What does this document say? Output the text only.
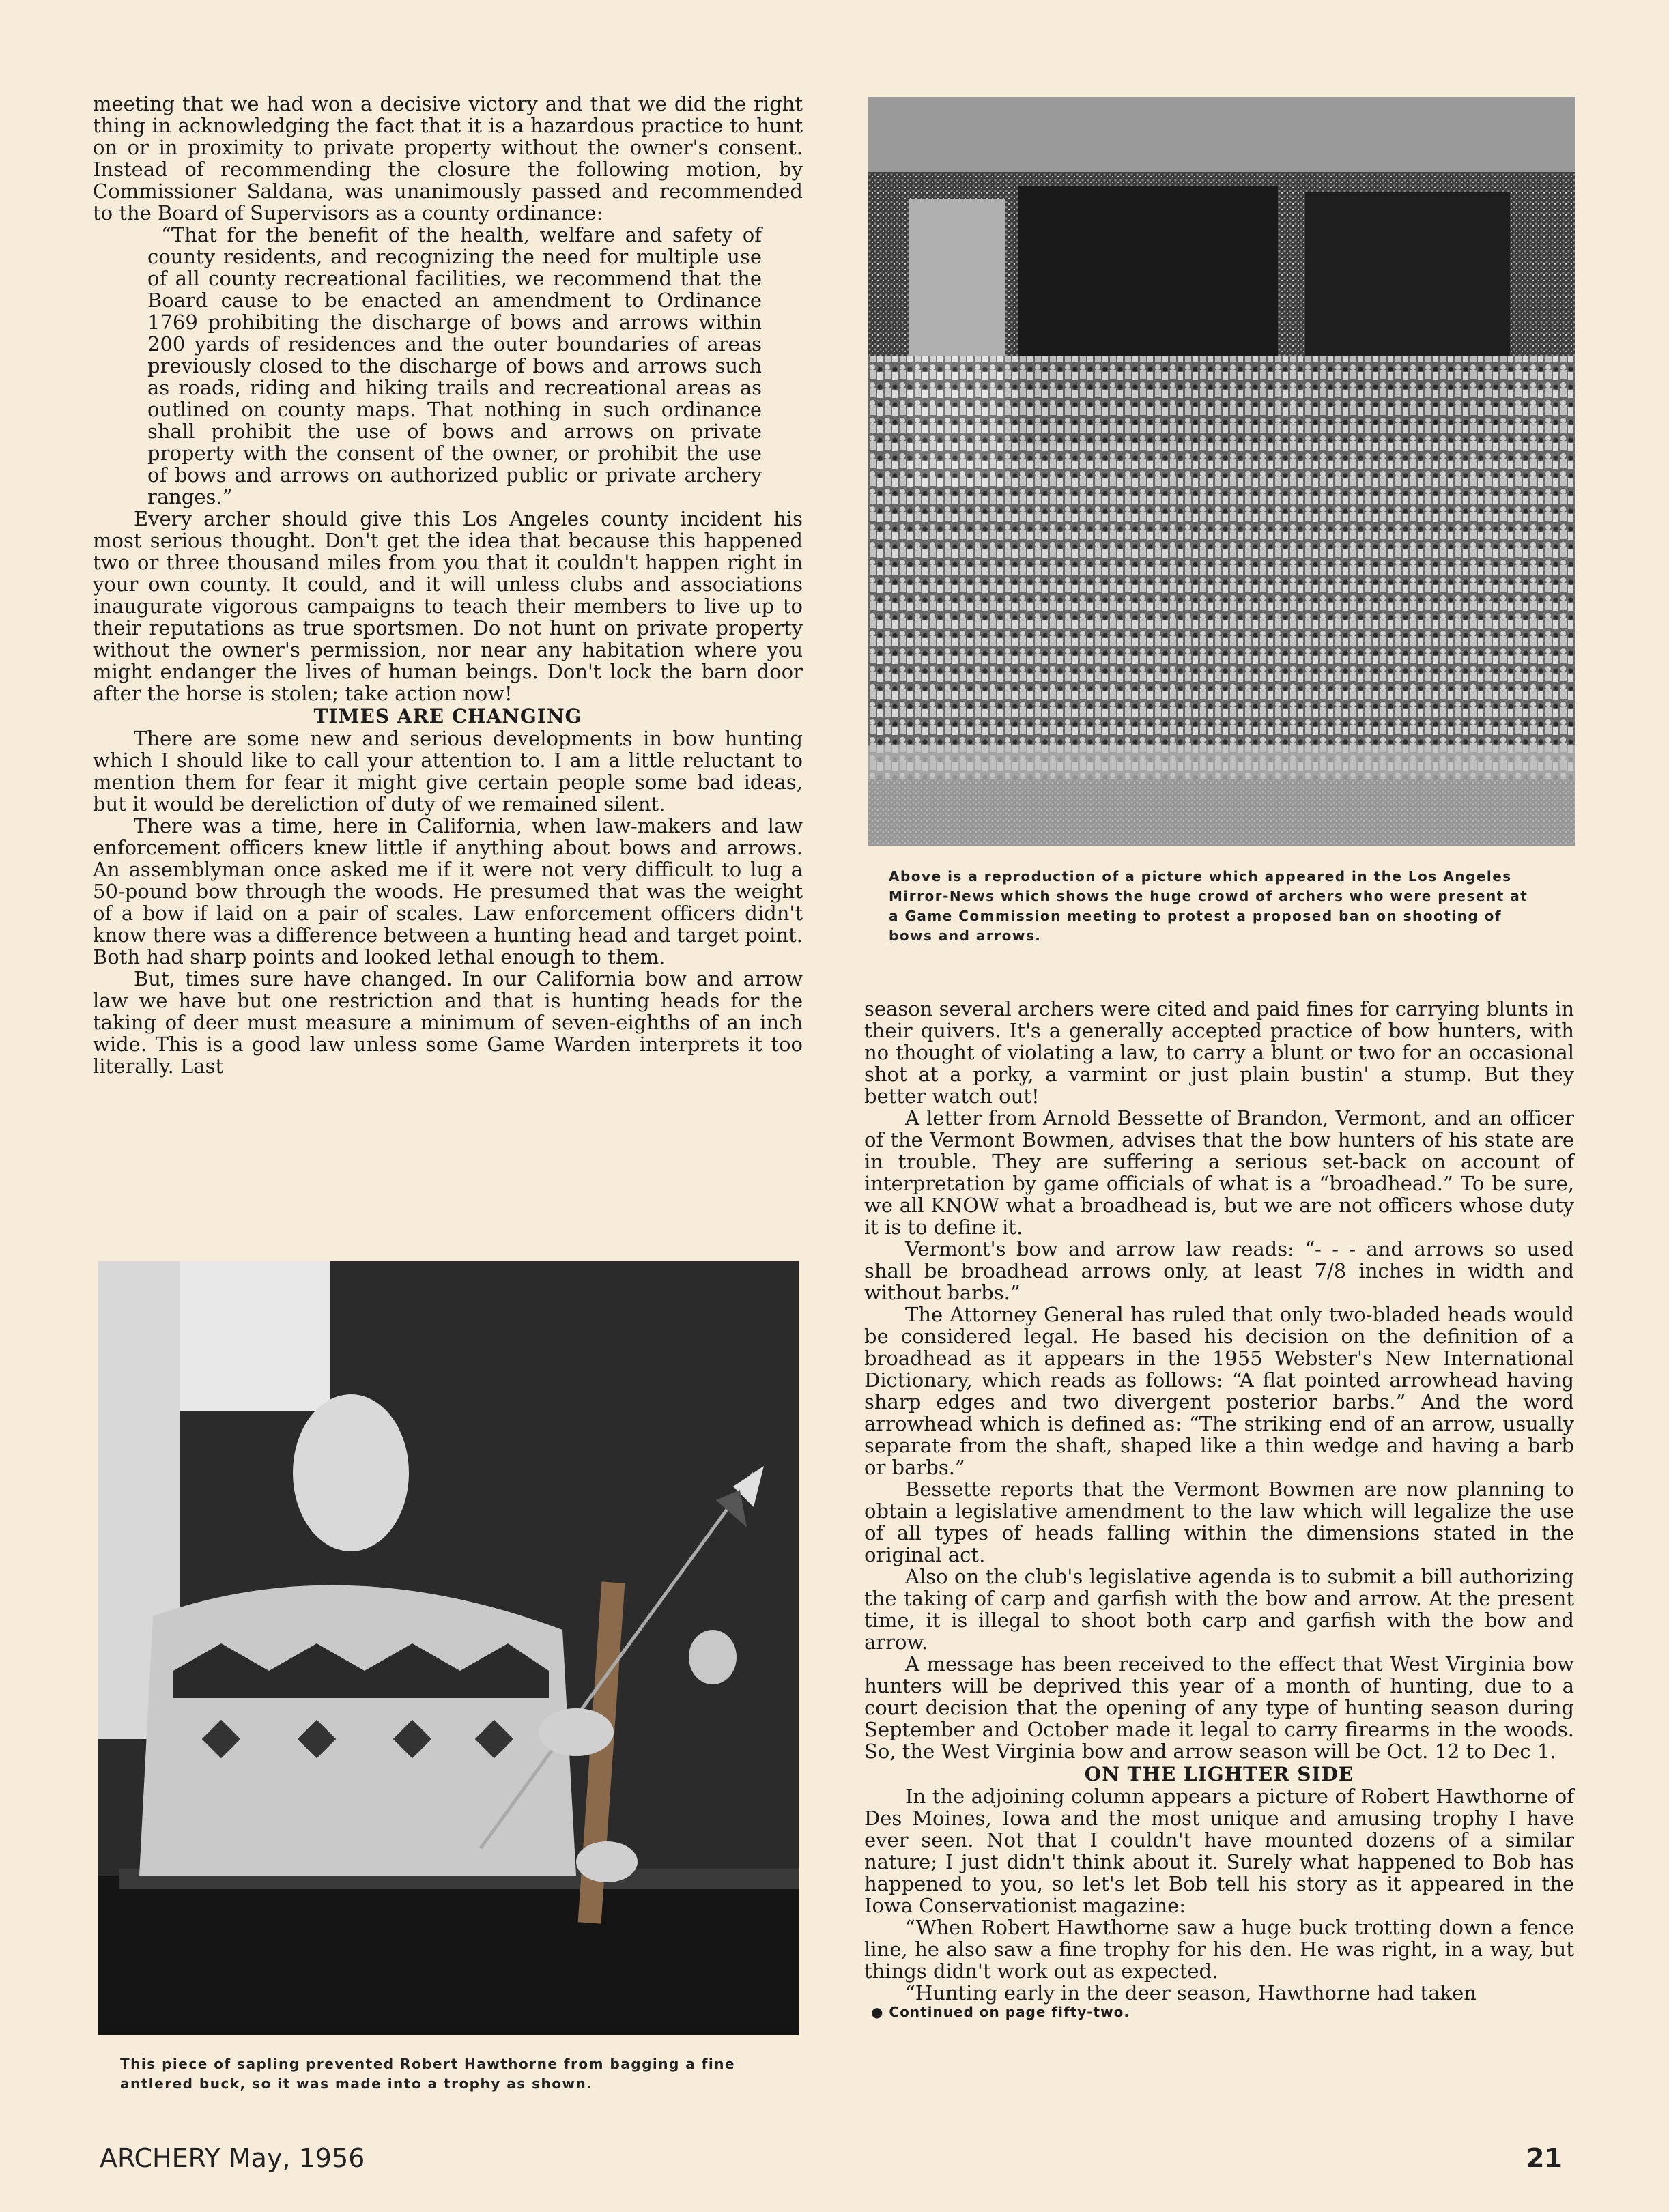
meeting that we had won a decisive victory and that we did the right thing in acknowledging the fact that it is a hazardous practice to hunt on or in proximity to private property without the owner's consent. Instead of recommending the closure the following motion, by Commissioner Saldana, was unanimously passed and recommended to the Board of Supervisors as a county ordinance:

“That for the benefit of the health, welfare and safety of county residents, and recognizing the need for multiple use of all county recreational facilities, we recommend that the Board cause to be enacted an amendment to Ordinance 1769 prohibiting the discharge of bows and arrows within 200 yards of residences and the outer boundaries of areas previously closed to the discharge of bows and arrows such as roads, riding and hiking trails and recreational areas as outlined on county maps. That nothing in such ordinance shall prohibit the use of bows and arrows on private property with the consent of the owner, or prohibit the use of bows and arrows on authorized public or private archery ranges.”

Every archer should give this Los Angeles county incident his most serious thought. Don't get the idea that because this happened two or three thousand miles from you that it couldn't happen right in your own county. It could, and it will unless clubs and associations inaugurate vigorous campaigns to teach their members to live up to their reputations as true sportsmen. Do not hunt on private property without the owner's permission, nor near any habitation where you might endanger the lives of human beings. Don't lock the barn door after the horse is stolen; take action now!

TIMES ARE CHANGING

There are some new and serious developments in bow hunting which I should like to call your attention to. I am a little reluctant to mention them for fear it might give certain people some bad ideas, but it would be dereliction of duty of we remained silent.

There was a time, here in California, when law-makers and law enforcement officers knew little if anything about bows and arrows. An assemblyman once asked me if it were not very difficult to lug a 50-pound bow through the woods. He presumed that was the weight of a bow if laid on a pair of scales. Law enforcement officers didn't know there was a difference between a hunting head and target point. Both had sharp points and looked lethal enough to them.

But, times sure have changed. In our California bow and arrow law we have but one restriction and that is hunting heads for the taking of deer must measure a minimum of seven-eighths of an inch wide. This is a good law unless some Game Warden interprets it too literally. Last

Above is a reproduction of a picture which appeared in the Los Angeles Mirror-News which shows the huge crowd of archers who were present at a Game Commission meeting to protest a proposed ban on shooting of bows and arrows.
This piece of sapling prevented Robert Hawthorne from bagging a fine antlered buck, so it was made into a trophy as shown.

season several archers were cited and paid fines for carrying blunts in their quivers. It's a generally accepted practice of bow hunters, with no thought of violating a law, to carry a blunt or two for an occasional shot at a porky, a varmint or just plain bustin' a stump. But they better watch out!

A letter from Arnold Bessette of Brandon, Vermont, and an officer of the Vermont Bowmen, advises that the bow hunters of his state are in trouble. They are suffering a serious set-back on account of interpretation by game officials of what is a “broadhead.” To be sure, we all KNOW what a broadhead is, but we are not officers whose duty it is to define it.

Vermont's bow and arrow law reads: “- - - and arrows so used shall be broadhead arrows only, at least 7/8 inches in width and without barbs.”

The Attorney General has ruled that only two-bladed heads would be considered legal. He based his decision on the definition of a broadhead as it appears in the 1955 Webster's New International Dictionary, which reads as follows: “A flat pointed arrowhead having sharp edges and two divergent posterior barbs.” And the word arrowhead which is defined as: “The striking end of an arrow, usually separate from the shaft, shaped like a thin wedge and having a barb or barbs.”

Bessette reports that the Vermont Bowmen are now planning to obtain a legislative amendment to the law which will legalize the use of all types of heads falling within the dimensions stated in the original act.

Also on the club's legislative agenda is to submit a bill authorizing the taking of carp and garfish with the bow and arrow. At the present time, it is illegal to shoot both carp and garfish with the bow and arrow.

A message has been received to the effect that West Virginia bow hunters will be deprived this year of a month of hunting, due to a court decision that the opening of any type of hunting season during September and October made it legal to carry firearms in the woods. So, the West Virginia bow and arrow season will be Oct. 12 to Dec 1.

ON THE LIGHTER SIDE

In the adjoining column appears a picture of Robert Hawthorne of Des Moines, Iowa and the most unique and amusing trophy I have ever seen. Not that I couldn't have mounted dozens of a similar nature; I just didn't think about it. Surely what happened to Bob has happened to you, so let's let Bob tell his story as it appeared in the Iowa Conservationist magazine:

“When Robert Hawthorne saw a huge buck trotting down a fence line, he also saw a fine trophy for his den. He was right, in a way, but things didn't work out as expected.

“Hunting early in the deer season, Hawthorne had taken

● Continued on page fifty-two.
ARCHERY May, 1956	21
